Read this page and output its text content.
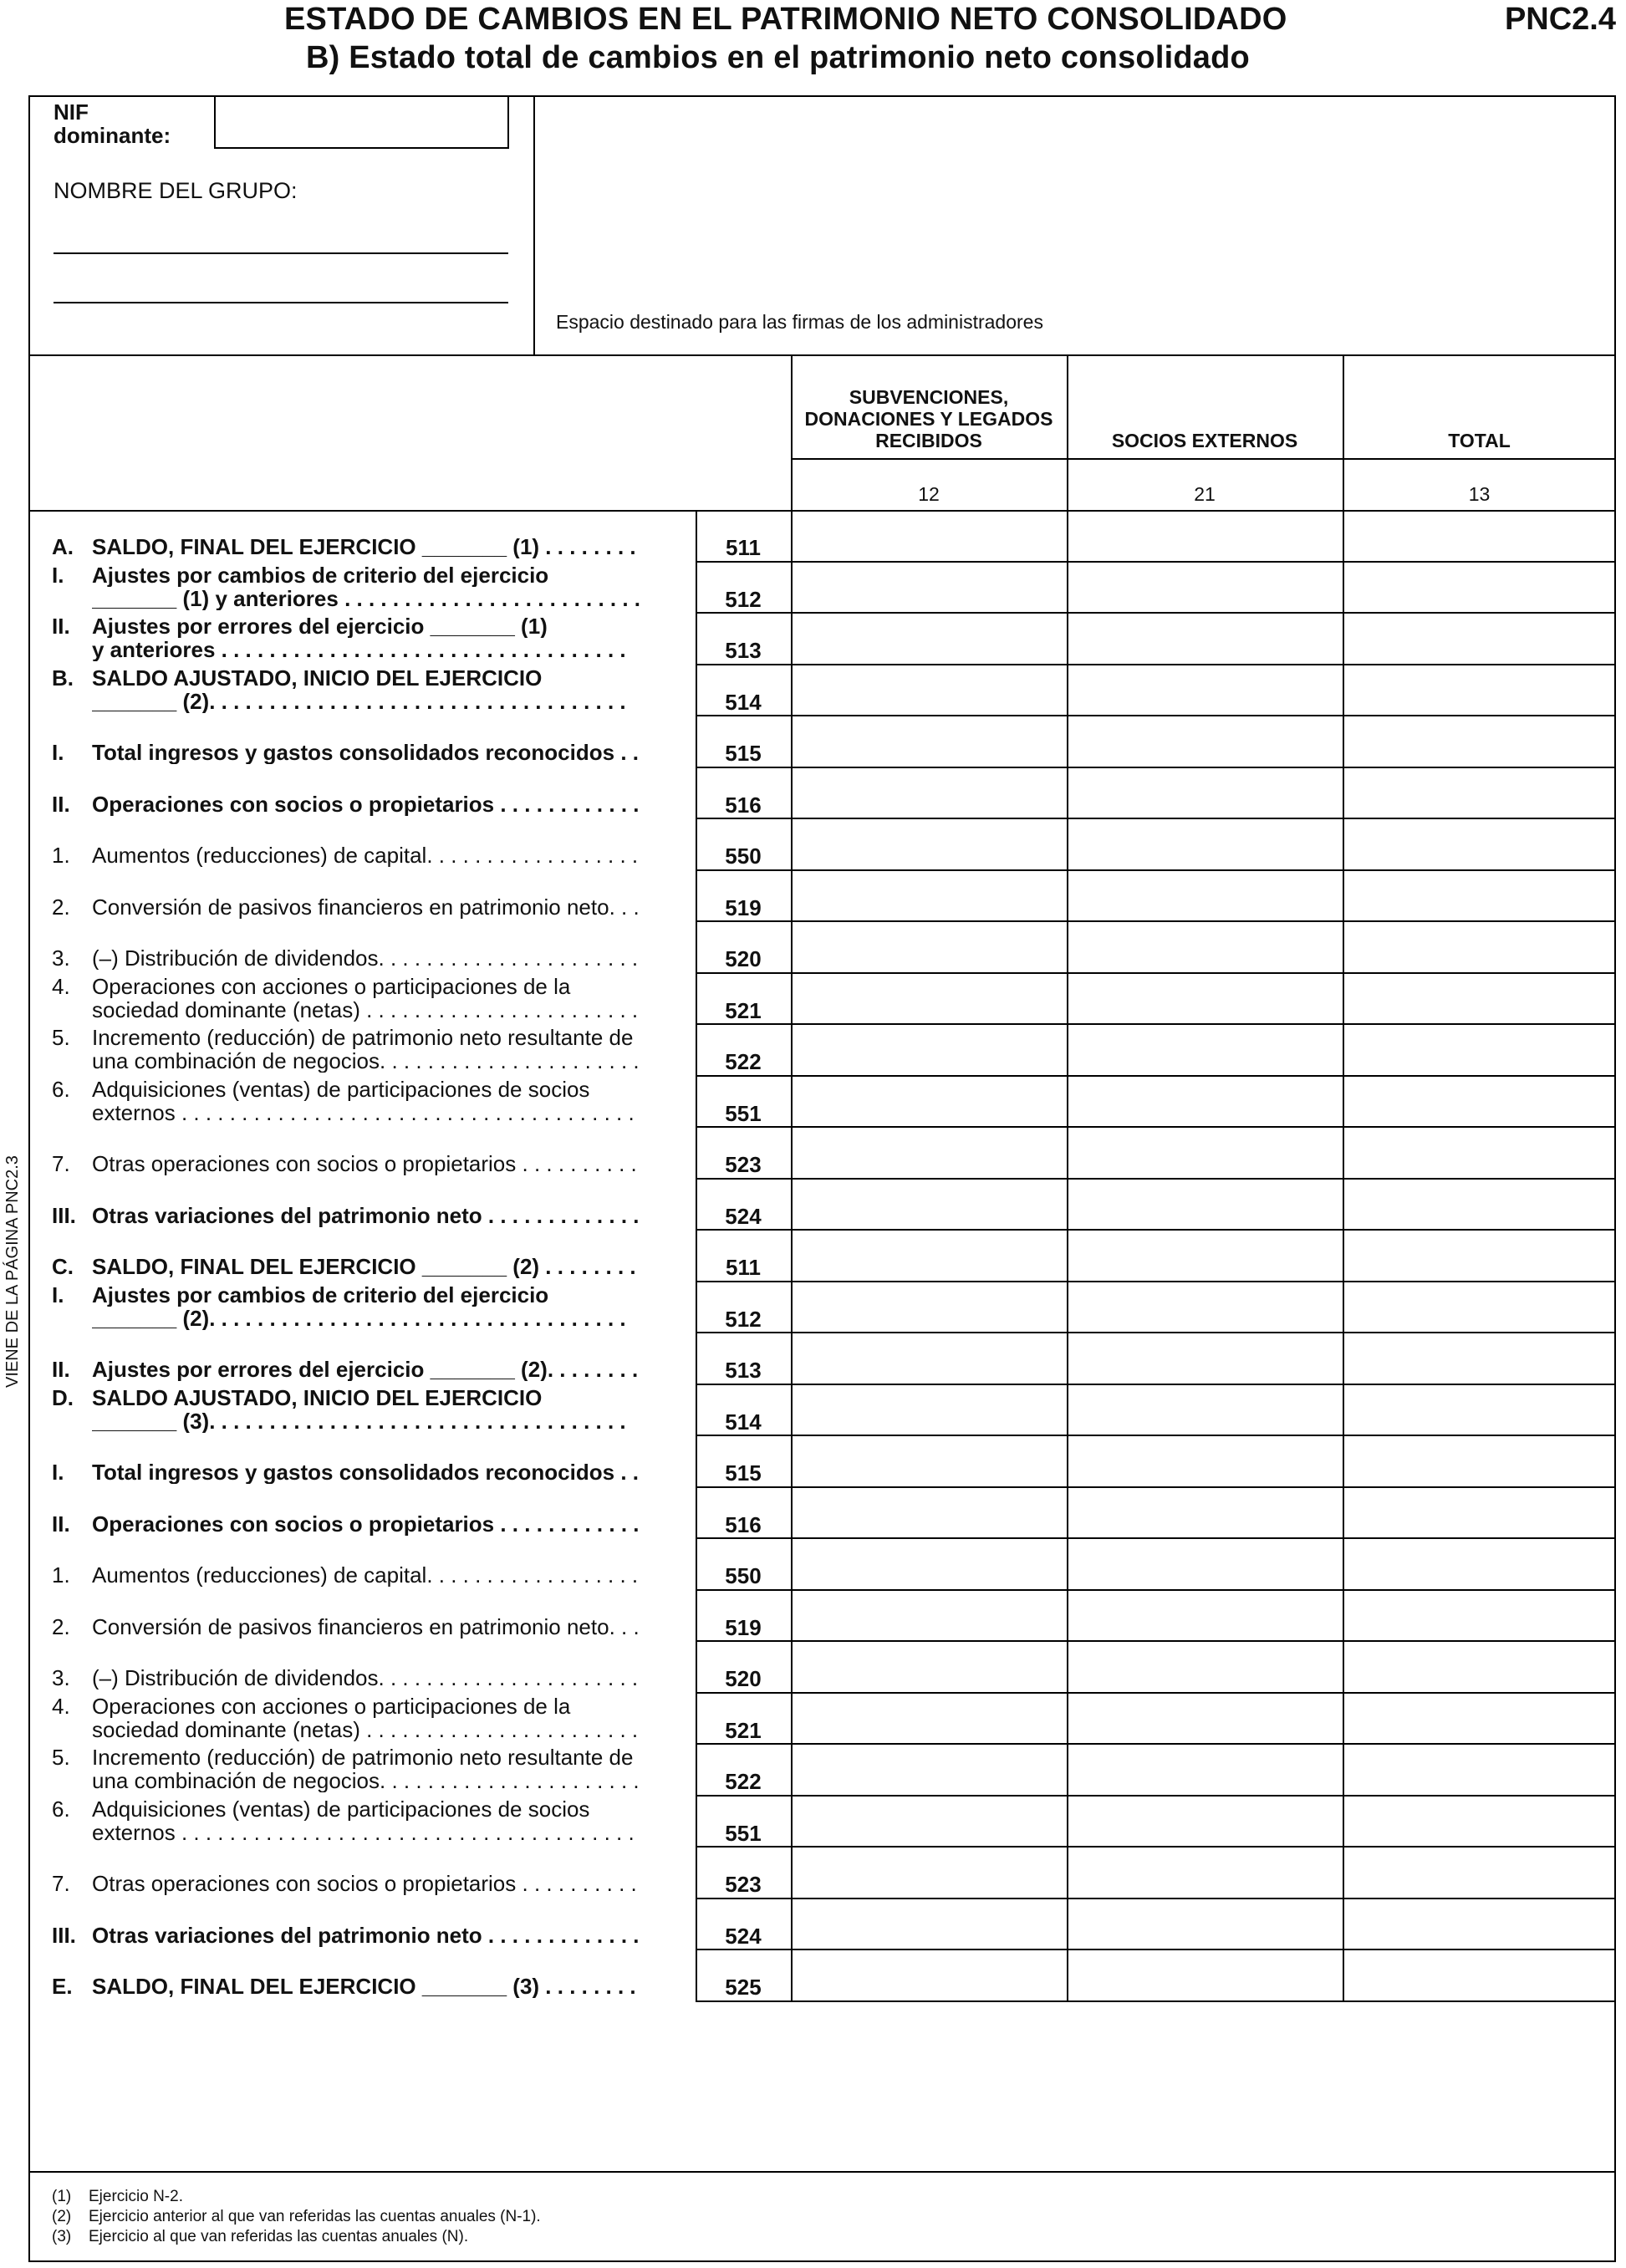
ESTADO DE CAMBIOS EN EL PATRIMONIO NETO CONSOLIDADO
B) Estado total de cambios en el patrimonio neto consolidado
PNC2.4
NIF
dominante:
NOMBRE DEL GRUPO:
Espacio destinado para las firmas de los administradores
SUBVENCIONES,
DONACIONES Y LEGADOS
RECIBIDOS
12
SOCIOS EXTERNOS
21
TOTAL
13
A. SALDO, FINAL DEL EJERCICIO _______ (1) . . . . . . . .	511
I. Ajustes por cambios de criterio del ejercicio
_______ (1) y anteriores . . . . . . . . . . . . . . . . . . . . . . . . .	512
II. Ajustes por errores del ejercicio _______ (1)
y anteriores . . . . . . . . . . . . . . . . . . . . . . . . . . . . . . . . . .	513
B. SALDO AJUSTADO, INICIO DEL EJERCICIO
_______ (2). . . . . . . . . . . . . . . . . . . . . . . . . . . . . . . . . . .	514
I. Total ingresos y gastos consolidados reconocidos . .	515
II. Operaciones con socios o propietarios . . . . . . . . . . . .	516
1. Aumentos (reducciones) de capital. . . . . . . . . . . . . . . . . .	550
2. Conversión de pasivos financieros en patrimonio neto. . .	519
3. (–) Distribución de dividendos. . . . . . . . . . . . . . . . . . . . . .	520
4. Operaciones con acciones o participaciones de la
sociedad dominante (netas) . . . . . . . . . . . . . . . . . . . . . . .	521
5. Incremento (reducción) de patrimonio neto resultante de
una combinación de negocios. . . . . . . . . . . . . . . . . . . . . .	522
6. Adquisiciones (ventas) de participaciones de socios
externos . . . . . . . . . . . . . . . . . . . . . . . . . . . . . . . . . . . . . .	551
7. Otras operaciones con socios o propietarios . . . . . . . . . .	523
III. Otras variaciones del patrimonio neto . . . . . . . . . . . . .	524
C. SALDO, FINAL DEL EJERCICIO _______ (2) . . . . . . . .	511
I. Ajustes por cambios de criterio del ejercicio
_______ (2). . . . . . . . . . . . . . . . . . . . . . . . . . . . . . . . . . .	512
II. Ajustes por errores del ejercicio _______ (2). . . . . . . .	513
D. SALDO AJUSTADO, INICIO DEL EJERCICIO
_______ (3). . . . . . . . . . . . . . . . . . . . . . . . . . . . . . . . . . .	514
I. Total ingresos y gastos consolidados reconocidos . .	515
II. Operaciones con socios o propietarios . . . . . . . . . . . .	516
1. Aumentos (reducciones) de capital. . . . . . . . . . . . . . . . . .	550
2. Conversión de pasivos financieros en patrimonio neto. . .	519
3. (–) Distribución de dividendos. . . . . . . . . . . . . . . . . . . . . .	520
4. Operaciones con acciones o participaciones de la
sociedad dominante (netas) . . . . . . . . . . . . . . . . . . . . . . .	521
5. Incremento (reducción) de patrimonio neto resultante de
una combinación de negocios. . . . . . . . . . . . . . . . . . . . . .	522
6. Adquisiciones (ventas) de participaciones de socios
externos . . . . . . . . . . . . . . . . . . . . . . . . . . . . . . . . . . . . . .	551
7. Otras operaciones con socios o propietarios . . . . . . . . . .	523
III. Otras variaciones del patrimonio neto . . . . . . . . . . . . .	524
E. SALDO, FINAL DEL EJERCICIO _______ (3) . . . . . . . .	525
VIENE DE LA PÁGINA PNC2.3
(1) Ejercicio N-2.
(2) Ejercicio anterior al que van referidas las cuentas anuales (N-1).
(3) Ejercicio al que van referidas las cuentas anuales (N).
